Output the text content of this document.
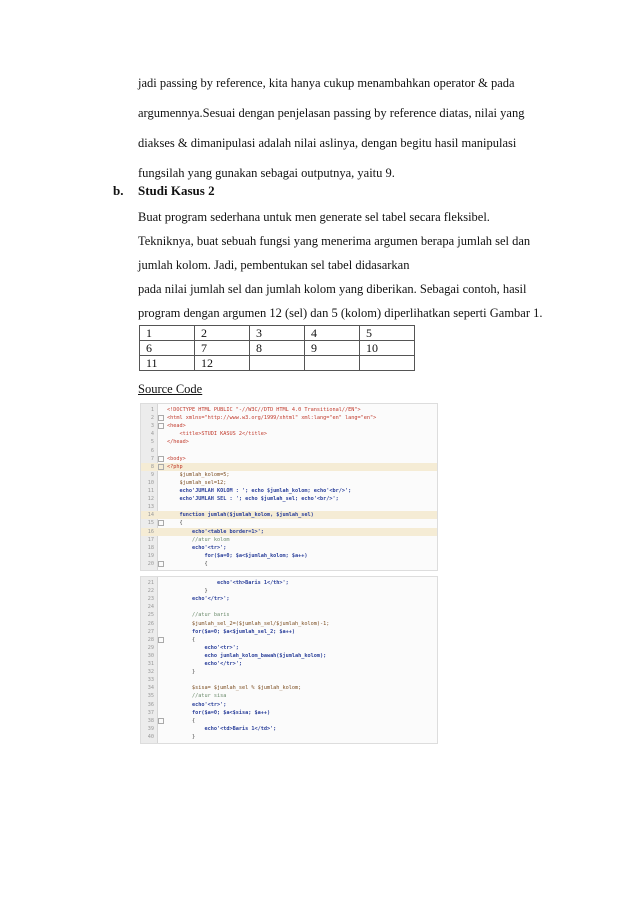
jadi passing by reference, kita hanya cukup menambahkan operator & pada
argumennya.Sesuai dengan penjelasan passing by reference diatas, nilai yang
diakses & dimanipulasi adalah nilai aslinya, dengan begitu hasil manipulasi
fungsilah yang gunakan sebagai outputnya, yaitu 9.
b. Studi Kasus 2
Buat program sederhana untuk men generate sel tabel secara fleksibel.
Tekniknya, buat sebuah fungsi yang menerima argumen berapa jumlah sel dan
jumlah kolom. Jadi, pembentukan sel tabel didasarkan
pada nilai jumlah sel dan jumlah kolom yang diberikan. Sebagai contoh, hasil
program dengan argumen 12 (sel) dan 5 (kolom) diperlihatkan seperti Gambar 1.
1	2	3	4	5
6	7	8	9	10
11	12			
Source Code
1	<!DOCTYPE HTML PUBLIC "-//W3C//DTD HTML 4.0 Transitional//EN">
2	<html xmlns="http://www.w3.org/1999/xhtml" xml:lang="en" lang="en">
3	<head>
4	<title>STUDI KASUS 2</title>
5	</head>
6
7	<body>
8	<?php
9	$jumlah_kolom=5;
10	$jumlah_sel=12;
11	echo'JUMLAH KOLOM : '; echo $jumlah_kolom; echo'<br/>';
12	echo'JUMLAH SEL : '; echo $jumlah_sel; echo'<br/>';
13
14	function jumlah($jumlah_kolom, $jumlah_sel)
15	{
16	echo'<table border=1>';
17	//atur kolom
18	echo'<tr>';
19	for($a=0; $a<$jumlah_kolom; $a++)
20	{
21	echo'<th>Baris 1</th>';
22	}
23	echo'</tr>';
24
25	//atur baris
26	$jumlah_sel_2=($jumlah_sel/$jumlah_kolom)-1;
27	for($a=0; $a<$jumlah_sel_2; $a++)
28	{
29	echo'<tr>';
30	echo jumlah_kolom_bawah($jumlah_kolom);
31	echo'</tr>';
32	}
33
34	$sisa= $jumlah_sel % $jumlah_kolom;
35	//atur sisa
36	echo'<tr>';
37	for($a=0; $a<$sisa; $a++)
38	{
39	echo'<td>Baris 1</td>';
40	}
